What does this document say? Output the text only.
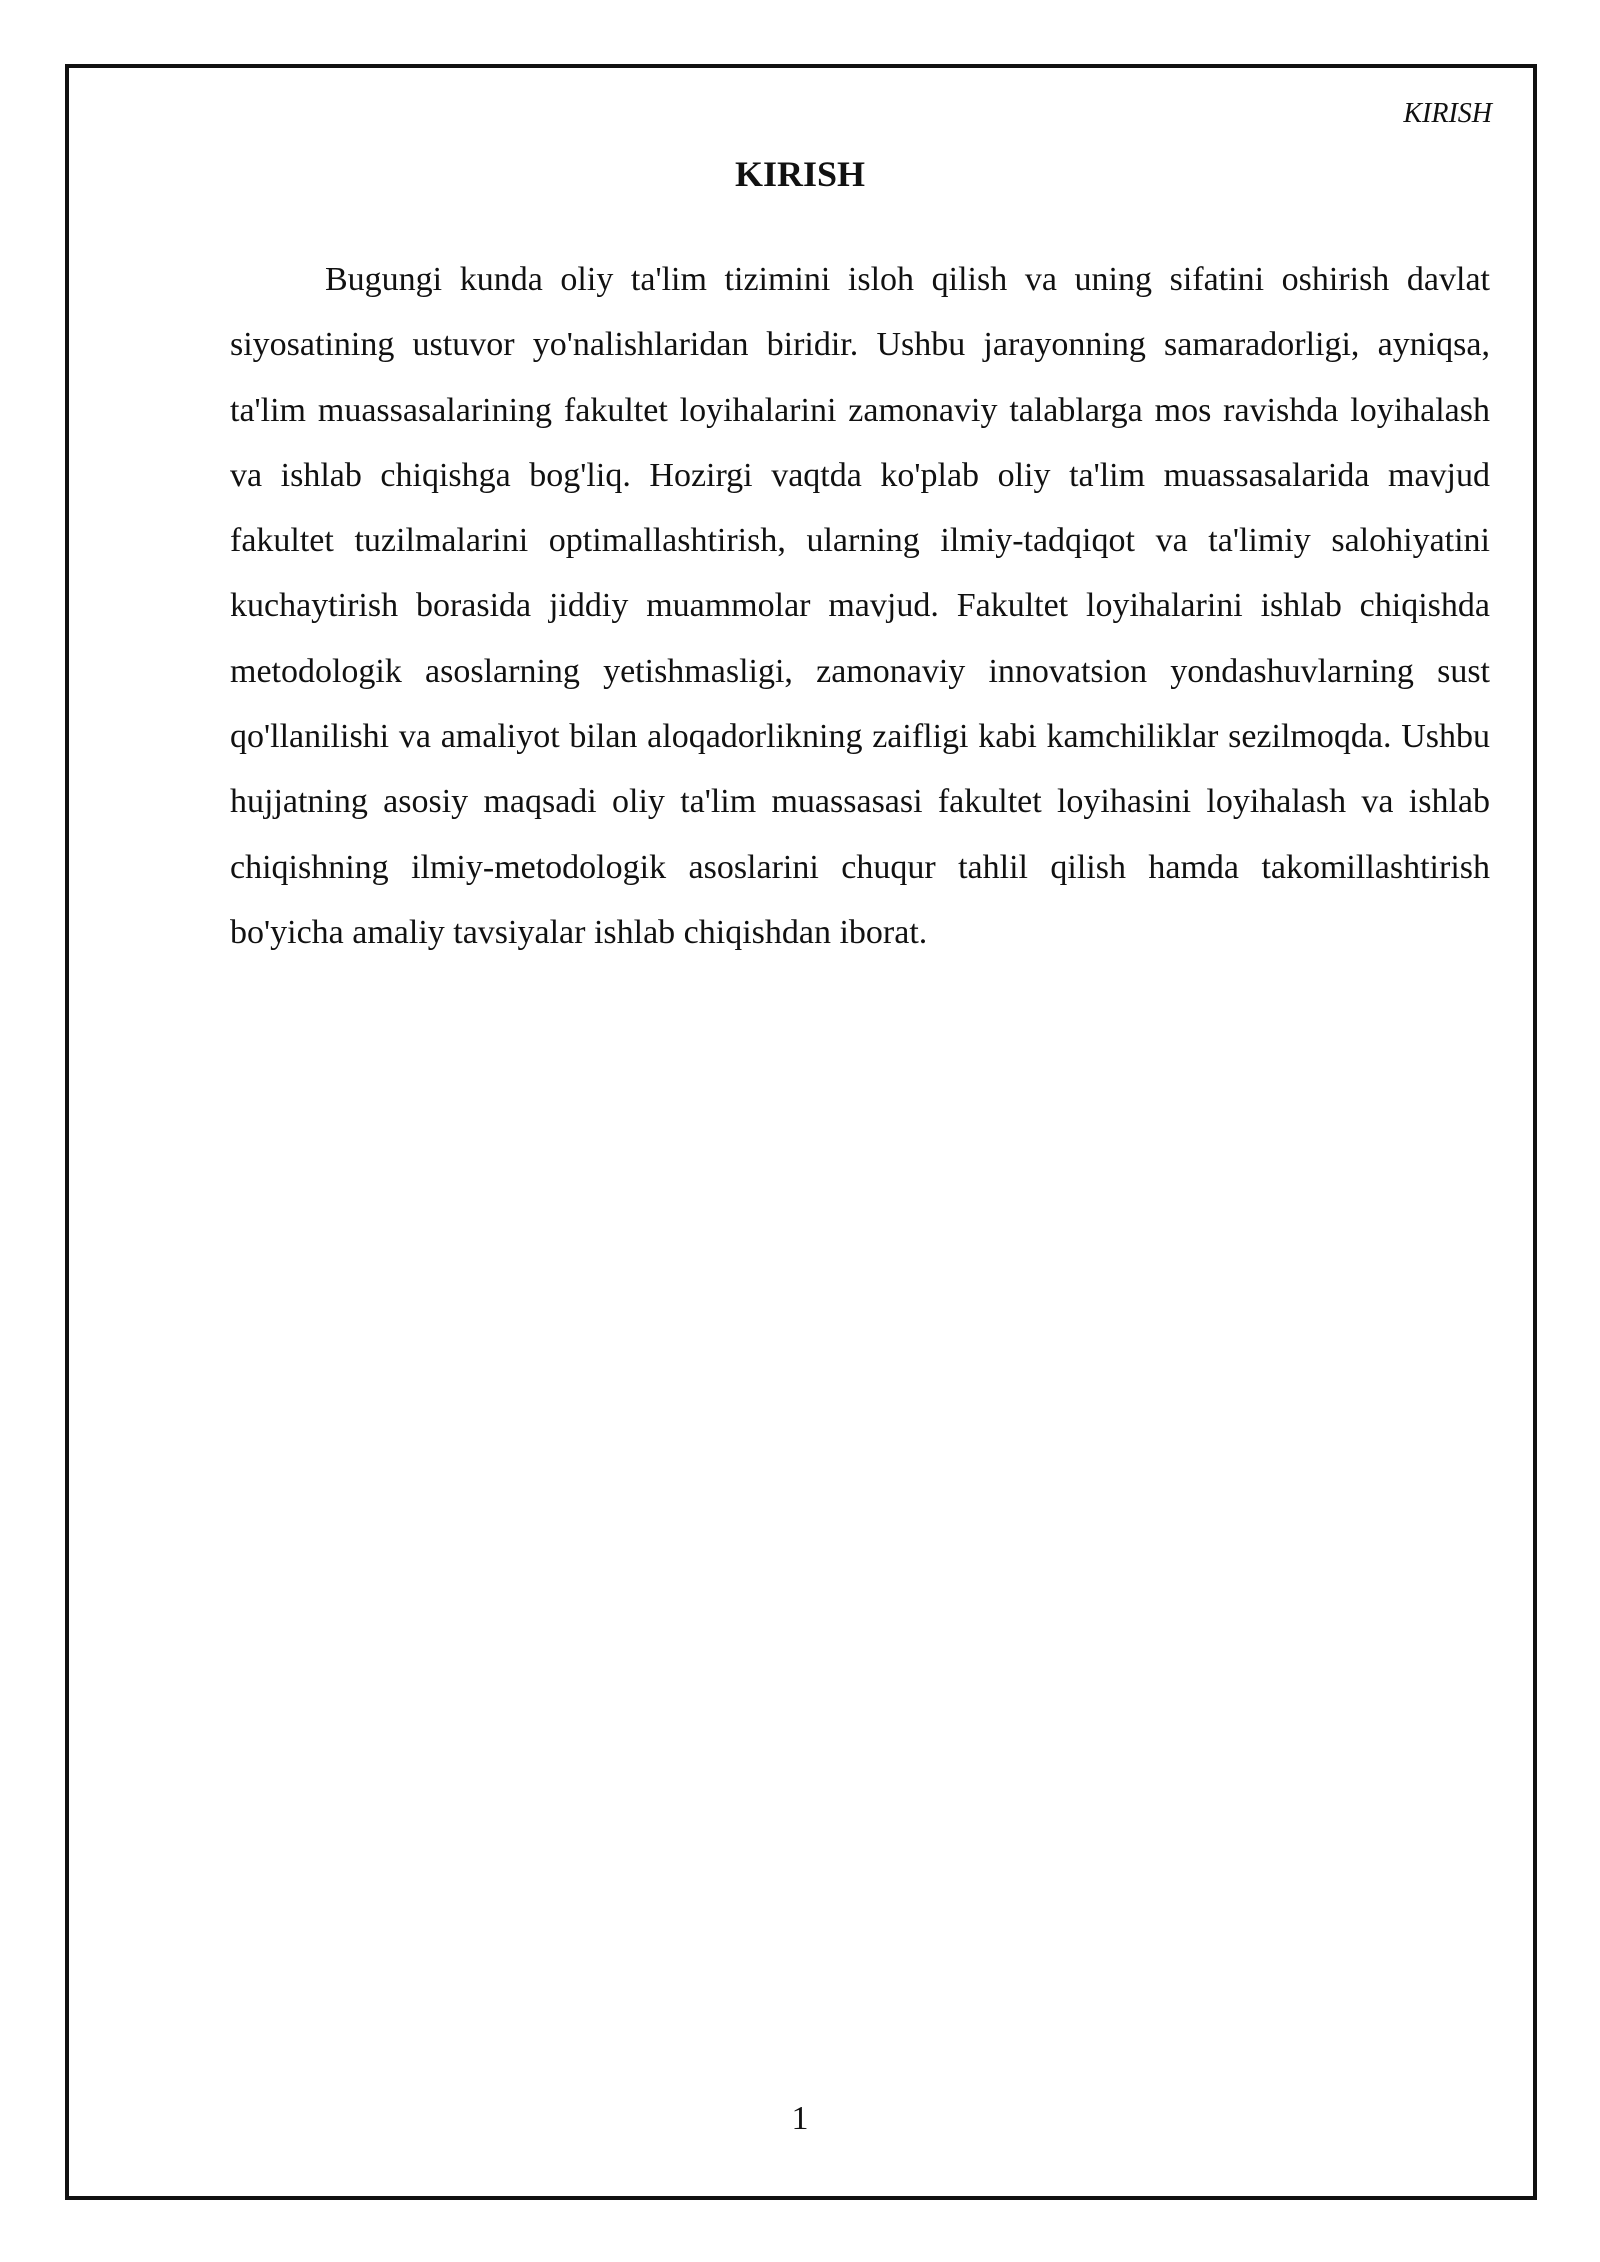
KIRISH
KIRISH

Bugungi kunda oliy ta'lim tizimini isloh qilish va uning sifatini oshirish davlat siyosatining ustuvor yo'nalishlaridan biridir. Ushbu jarayonning samaradorligi, ayniqsa, ta'lim muassasalarining fakultet loyihalarini zamonaviy talablarga mos ravishda loyihalash va ishlab chiqishga bog'liq. Hozirgi vaqtda ko'plab oliy ta'lim muassasalarida mavjud fakultet tuzilmalarini optimallashtirish, ularning ilmiy-tadqiqot va ta'limiy salohiyatini kuchaytirish borasida jiddiy muammolar mavjud. Fakultet loyihalarini ishlab chiqishda metodologik asoslarning yetishmasligi, zamonaviy innovatsion yondashuvlarning sust qo'llanilishi va amaliyot bilan aloqadorlikning zaifligi kabi kamchiliklar sezilmoqda. Ushbu hujjatning asosiy maqsadi oliy ta'lim muassasasi fakultet loyihasini loyihalash va ishlab chiqishning ilmiy-metodologik asoslarini chuqur tahlil qilish hamda takomillashtirish bo'yicha amaliy tavsiyalar ishlab chiqishdan iborat.

1
